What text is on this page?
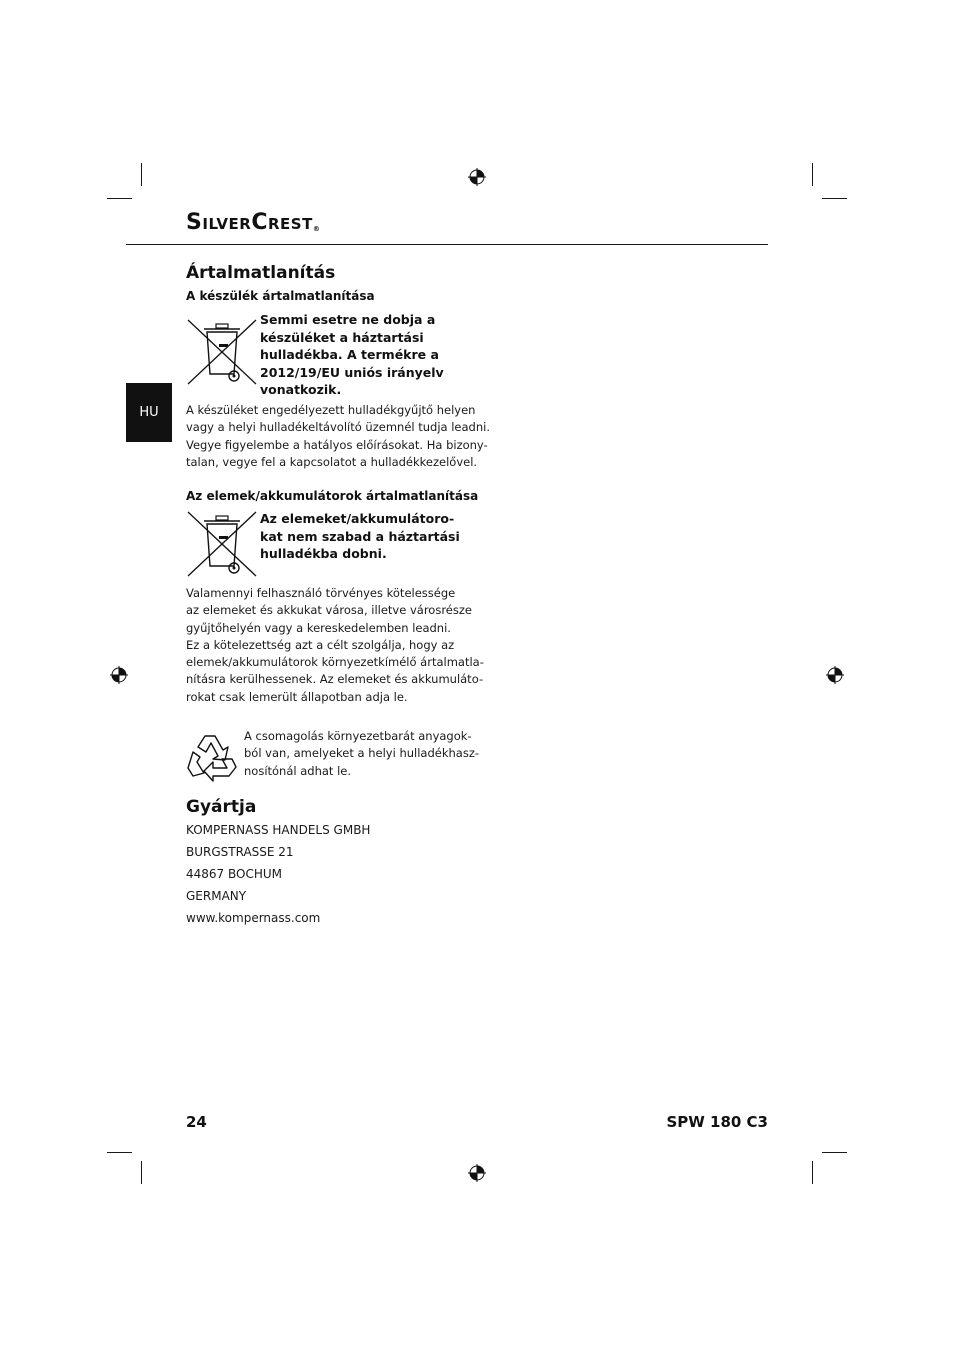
SILVERCREST®
HU
Ártalmatlanítás
A készülék ártalmatlanítása
Semmi esetre ne dobja a
készüléket a háztartási
hulladékba. A termékre a
2012/19/EU uniós irányelv
vonatkozik.
A készüléket engedélyezett hulladékgyűjtő helyen
vagy a helyi hulladékeltávolító üzemnél tudja leadni.
Vegye figyelembe a hatályos előírásokat. Ha bizony-
talan, vegye fel a kapcsolatot a hulladékkezelővel.
Az elemek/akkumulátorok ártalmatlanítása
Az elemeket/akkumulátoro-
kat nem szabad a háztartási
hulladékba dobni.
Valamennyi felhasználó törvényes kötelessége
az elemeket és akkukat városa, illetve városrésze
gyűjtőhelyén vagy a kereskedelemben leadni.
Ez a kötelezettség azt a célt szolgálja, hogy az
elemek/akkumulátorok környezetkímélő ártalmatla-
nításra kerülhessenek. Az elemeket és akkumuláto-
rokat csak lemerült állapotban adja le.
A csomagolás környezetbarát anyagok-
ból van, amelyeket a helyi hulladékhasz-
nosítónál adhat le.
Gyártja
KOMPERNASS HANDELS GMBH
BURGSTRASSE 21
44867 BOCHUM
GERMANY
www.kompernass.com
24	SPW 180 C3
